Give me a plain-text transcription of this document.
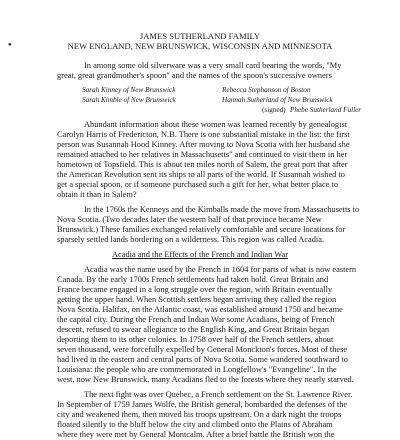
●
JAMES SUTHERLAND FAMILY
NEW ENGLAND, NEW BRUNSWICK, WISCONSIN AND MINNESOTA
In among some old silverware was a very small card bearing the words, "My
great, great grandmother's spoon" and the names of the spoon's successive owners
Sarah Kinney of New Brunswick
Sarah Kimble of New Brunswick
Rebecca Stephanson of Boston
Hannah Sutherland of New Brunswick
(signed) Phebe Sutherland Fuller
Abundant information about these women was learned recently by genealogist
Carolyn Harris of Fredericton, N.B. There is one substantial mistake in the list: the first
person was Susannah Hood Kinney. After moving to Nova Scotia with her husband she
remained attached to her relatives in Massachusetts" and continued to visit them in her
hometown of Topsfield. This is about ten miles north of Salem, the great port that after
the American Revolution sent its ships to all parts of the world. If Susannah wished to
get a special spoon, or if someone purchased such a gift for her, what better place to
obtain it than in Salem?
In the 1760s the Kenneys and the Kimballs made the move from Massachusetts to
Nova Scotia. (Two decades later the western half of that province became New
Brunswick.) These families exchanged relatively comfortable and secure locations for
sparsely settled lands bordering on a wilderness. This region was called Acadia.
Acadia and the Effects of the French and Indian War
Acadia was the name used by the French in 1604 for parts of what is now eastern
Canada. By the early 1700s French settlements had taken hold. Great Britain and
France became engaged in a long struggle over the region, with Britain eventually
getting the upper hand. When Scottish settlers began arriving they called the region
Nova Scotia. Halifax, on the Atlantic coast, was established around 1750 and became
the capital city. During the French and Indian War some Acadians, being of French
descent, refused to swear allegiance to the English King, and Great Britain began
deporting them to its other colonies. In 1758 over half of the French settlers, about
seven thousand, were forcefully expelled by General Monckton's forces. Most of these
had lived in the eastern and central parts of Nova Scotia. Some wandered southward to
Louisiana: the people who are commemorated in Longfellow's "Evangeline". In the
west, now New Brunswick, many Acadians fled to the forests where they nearly starved.
The next fight was over Quebec, a French settlement on the St. Lawrence River.
In September of 1759 James Wolfe, the British general, bombarded the defenses of the
city and weakened them, then moved his troops upstream. On a dark night the troops
floated silently to the bluff below the city and climbed onto the Plains of Abraham
where they were met by General Montcalm. After a brief battle the British won the
